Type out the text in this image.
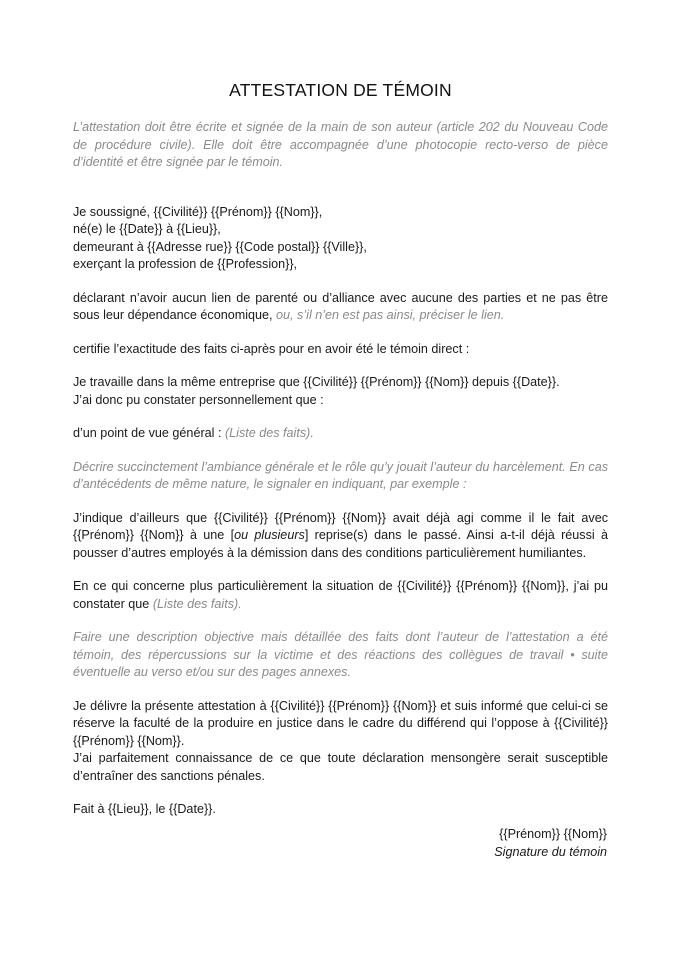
ATTESTATION DE TÉMOIN

L’attestation doit être écrite et signée de la main de son auteur (article 202 du Nouveau Code de procédure civile). Elle doit être accompagnée d’une photocopie recto-verso de pièce d’identité et être signée par le témoin.

Je soussigné, {{Civilité}} {{Prénom}} {{Nom}},
né(e) le {{Date}} à {{Lieu}},
demeurant à {{Adresse rue}} {{Code postal}} {{Ville}},
exerçant la profession de {{Profession}},

déclarant n’avoir aucun lien de parenté ou d’alliance avec aucune des parties et ne pas être sous leur dépendance économique, ou, s’il n’en est pas ainsi, préciser le lien.

certifie l’exactitude des faits ci-après pour en avoir été le témoin direct :

Je travaille dans la même entreprise que {{Civilité}} {{Prénom}} {{Nom}} depuis {{Date}}.
J’ai donc pu constater personnellement que :

d’un point de vue général : (Liste des faits).

Décrire succinctement l’ambiance générale et le rôle qu’y jouait l’auteur du harcèlement. En cas d’antécédents de même nature, le signaler en indiquant, par exemple :

J’indique d’ailleurs que {{Civilité}} {{Prénom}} {{Nom}} avait déjà agi comme il le fait avec {{Prénom}} {{Nom}} à une [ou plusieurs] reprise(s) dans le passé. Ainsi a-t-il déjà réussi à pousser d’autres employés à la démission dans des conditions particulièrement humiliantes.

En ce qui concerne plus particulièrement la situation de {{Civilité}} {{Prénom}} {{Nom}}, j’ai pu constater que (Liste des faits).

Faire une description objective mais détaillée des faits dont l’auteur de l’attestation a été témoin, des répercussions sur la victime et des réactions des collègues de travail • suite éventuelle au verso et/ou sur des pages annexes.

Je délivre la présente attestation à {{Civilité}} {{Prénom}} {{Nom}} et suis informé que celui-ci se réserve la faculté de la produire en justice dans le cadre du différend qui l’oppose à {{Civilité}} {{Prénom}} {{Nom}}.
J’ai parfaitement connaissance de ce que toute déclaration mensongère serait susceptible d’entraîner des sanctions pénales.

Fait à {{Lieu}}, le {{Date}}.

{{Prénom}} {{Nom}}
Signature du témoin
